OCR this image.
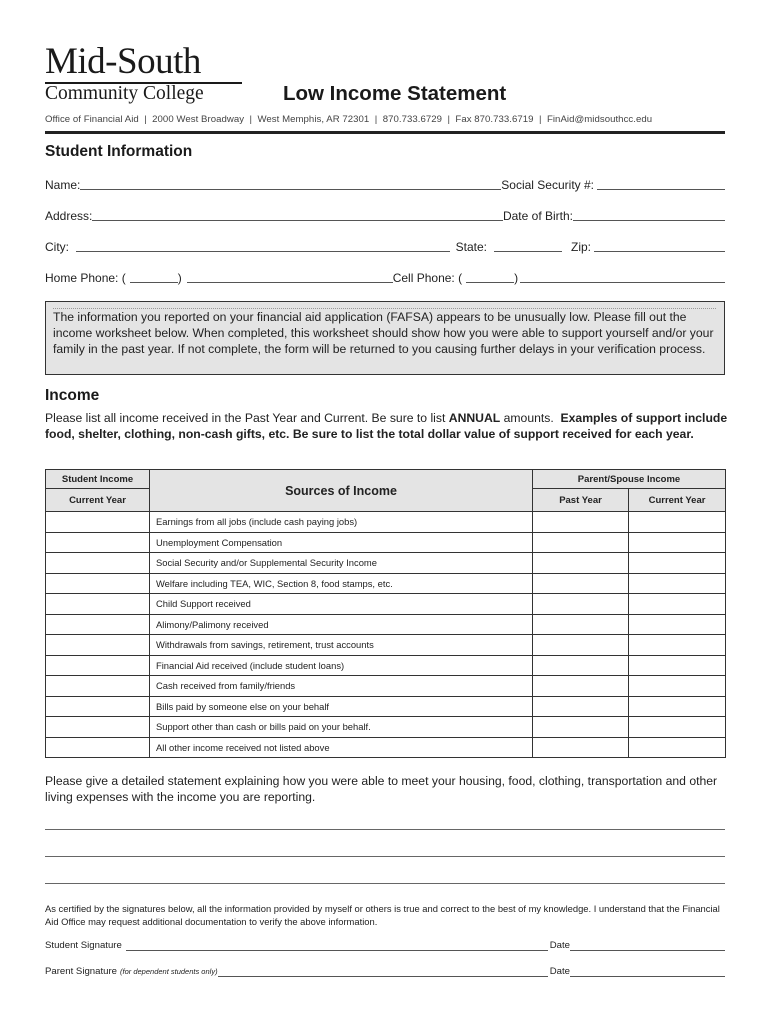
Mid-South
Community College	Low Income Statement
Office of Financial Aid  |  2000 West Broadway  |  West Memphis, AR 72301  |  870.733.6729  |  Fax 870.733.6719  |  FinAid@midsouthcc.edu
Student Information
Name:	Social Security #:
Address:	Date of Birth:
City:	State:	Zip:
Home Phone: (	)	Cell Phone: (	)
The information you reported on your financial aid application (FAFSA) appears to be unusually low. Please fill out the income worksheet below. When completed, this worksheet should show how you were able to support yourself and/or your family in the past year. If not complete, the form will be returned to you causing further delays in your verification process.
Income
Please list all income received in the Past Year and Current. Be sure to list ANNUAL amounts.  Examples of support include food, shelter, clothing, non-cash gifts, etc. Be sure to list the total dollar value of support received for each year.
Student Income	Sources of Income	Parent/Spouse Income	
Current Year		Past Year	Current Year
	Earnings from all jobs (include cash paying jobs)		
	Unemployment Compensation		
	Social Security and/or Supplemental Security Income		
	Welfare including TEA, WIC, Section 8, food stamps, etc.		
	Child Support received		
	Alimony/Palimony received		
	Withdrawals from savings, retirement, trust accounts		
	Financial Aid received (include student loans)		
	Cash received from family/friends		
	Bills paid by someone else on your behalf		
	Support other than cash or bills paid on your behalf.		
	All other income received not listed above		
Please give a detailed statement explaining how you were able to meet your housing, food, clothing, transportation and other living expenses with the income you are reporting.
As certified by the signatures below, all the information provided by myself or others is true and correct to the best of my knowledge. I understand that the Financial Aid Office may request additional documentation to verify the above information.
Student Signature	Date
Parent Signature (for dependent students only)	Date
